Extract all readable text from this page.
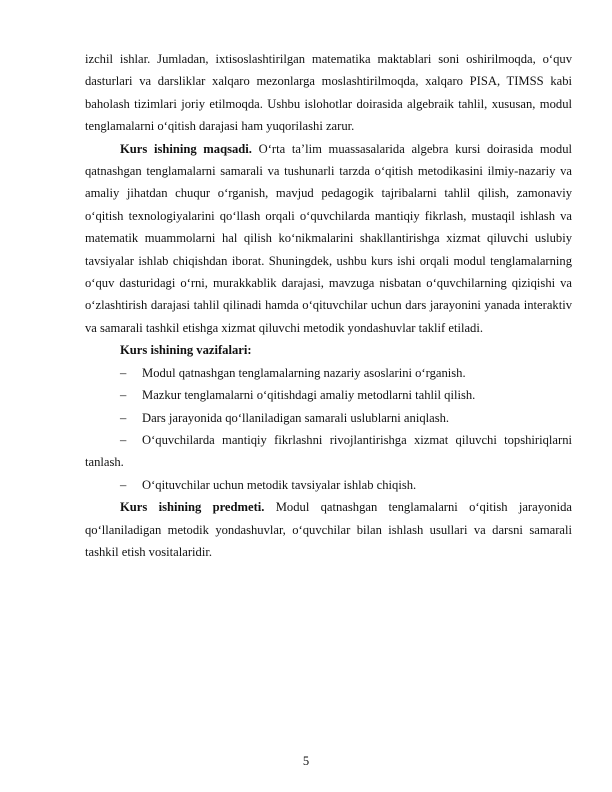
izchil ishlar. Jumladan, ixtisoslashtirilgan matematika maktablari soni oshirilmoqda, o‘quv dasturlari va darsliklar xalqaro mezonlarga moslashtirilmoqda, xalqaro PISA, TIMSS kabi baholash tizimlari joriy etilmoqda. Ushbu islohotlar doirasida algebraik tahlil, xususan, modul tenglamalarni o‘qitish darajasi ham yuqorilashi zarur.

Kurs ishining maqsadi. O‘rta ta’lim muassasalarida algebra kursi doirasida modul qatnashgan tenglamalarni samarali va tushunarli tarzda o‘qitish metodikasini ilmiy-nazariy va amaliy jihatdan chuqur o‘rganish, mavjud pedagogik tajribalarni tahlil qilish, zamonaviy o‘qitish texnologiyalarini qo‘llash orqali o‘quvchilarda mantiqiy fikrlash, mustaqil ishlash va matematik muammolarni hal qilish ko‘nikmalarini shakllantirishga xizmat qiluvchi uslubiy tavsiyalar ishlab chiqishdan iborat. Shuningdek, ushbu kurs ishi orqali modul tenglamalarning o‘quv dasturidagi o‘rni, murakkablik darajasi, mavzuga nisbatan o‘quvchilarning qiziqishi va o‘zlashtirish darajasi tahlil qilinadi hamda o‘qituvchilar uchun dars jarayonini yanada interaktiv va samarali tashkil etishga xizmat qiluvchi metodik yondashuvlar taklif etiladi.

Kurs ishining vazifalari:

‒ Modul qatnashgan tenglamalarning nazariy asoslarini o‘rganish.
‒ Mazkur tenglamalarni o‘qitishdagi amaliy metodlarni tahlil qilish.
‒ Dars jarayonida qo‘llaniladigan samarali uslublarni aniqlash.
‒ O‘quvchilarda mantiqiy fikrlashni rivojlantirishga xizmat qiluvchi topshiriqlarni tanlash.
‒ O‘qituvchilar uchun metodik tavsiyalar ishlab chiqish.

Kurs ishining predmeti. Modul qatnashgan tenglamalarni o‘qitish jarayonida qo‘llaniladigan metodik yondashuvlar, o‘quvchilar bilan ishlash usullari va darsni samarali tashkil etish vositalaridir.

5
